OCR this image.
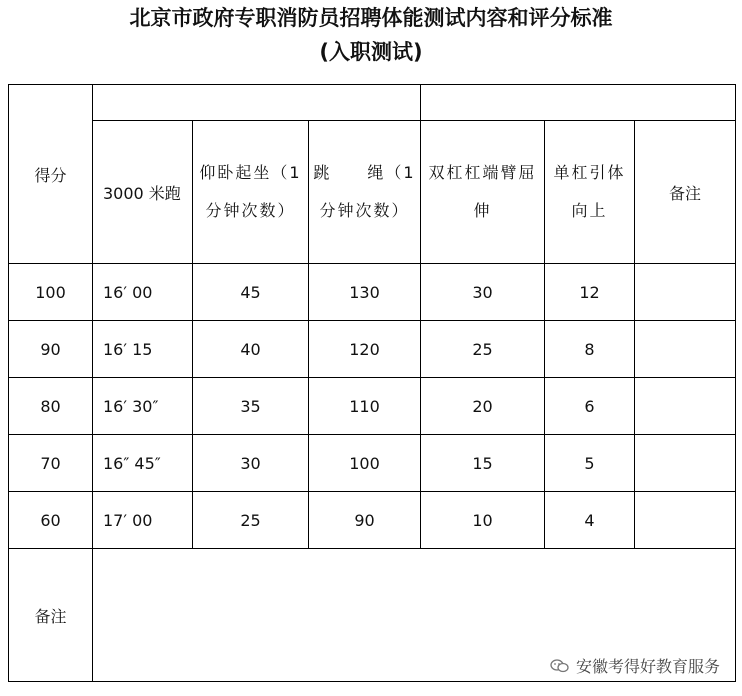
北京市政府专职消防员招聘体能测试内容和评分标准
(入职测试)
得分						
	3000 米跑	仰卧起坐（1分钟次数）	跳　　绳（1分钟次数）	双杠杠端臂屈伸	单杠引体向上	备注
100	16′ 00	45	130	30	12	
90	16′ 15	40	120	25	8	
80	16′ 30″	35	110	20	6	
70	16″ 45″	30	100	15	5	
60	17′ 00	25	90	10	4	
备注						
安徽考得好教育服务
